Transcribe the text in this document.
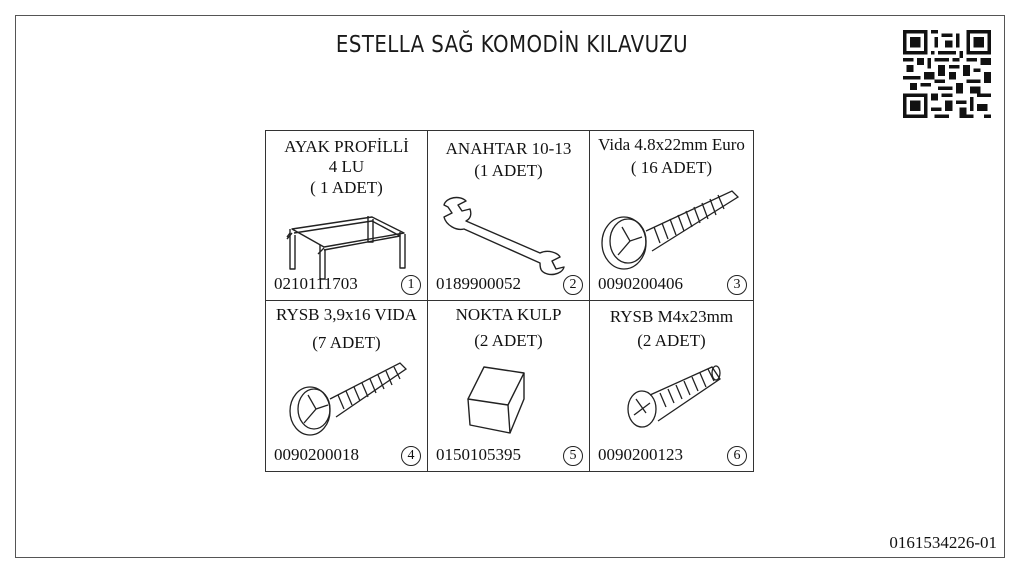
ESTELLA SAĞ KOMODİN KILAVUZU
AYAK PROFİLLİ
4 LU
( 1 ADET)
0210111703	1
ANAHTAR 10-13
(1 ADET)
0189900052	2
Vida 4.8x22mm Euro
( 16 ADET)
0090200406	3
RYSB 3,9x16 VIDA
(7 ADET)
0090200018	4
NOKTA KULP
(2 ADET)
0150105395	5
RYSB M4x23mm
(2 ADET)
0090200123	6
0161534226-01
